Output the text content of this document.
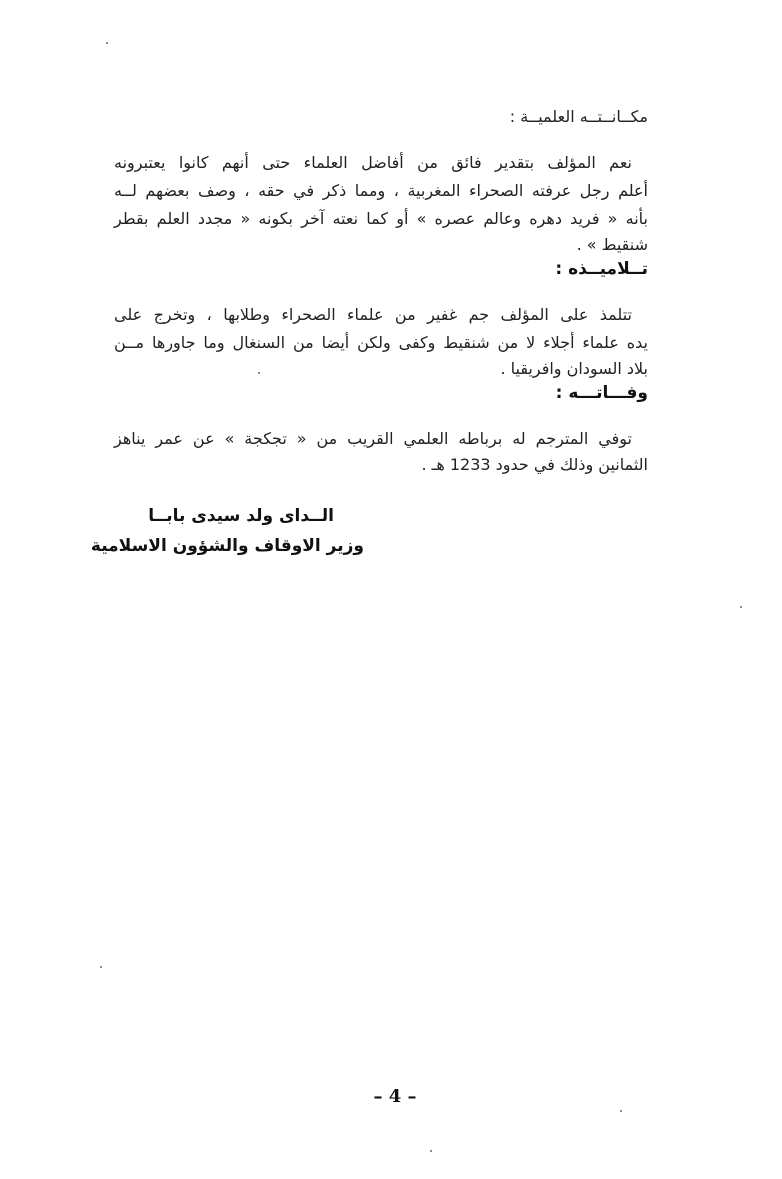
مكــانــتــه العلميــة :
نعم المؤلف بتقدير فائق من أفاضل العلماء حتى أنهم كانوا يعتبرونه
أعلم رجل عرفته الصحراء المغربية ، ومما ذكر في حقه ، وصف بعضهم لــه
بأنه « فريد دهره وعالم عصره » أو كما نعته آخر بكونه « مجدد العلم بقطر
شنقيط » .
تــلاميــذه :
تتلمذ على المؤلف جم غفير من علماء الصحراء وطلابها ، وتخرج على
يده علماء أجلاء لا من شنقيط وكفى ولكن أيضا من السنغال وما جاورها مــن
بلاد السودان وافريقيا .
وفـــاتـــه :
توفي المترجم له برباطه العلمي القريب من « تجكجة » عن عمر يناهز
الثمانين وذلك في حدود 1233 هـ .
الــداى ولد سيدى بابــا
وزير الاوقاف والشؤون الاسلامية
– 4 –
